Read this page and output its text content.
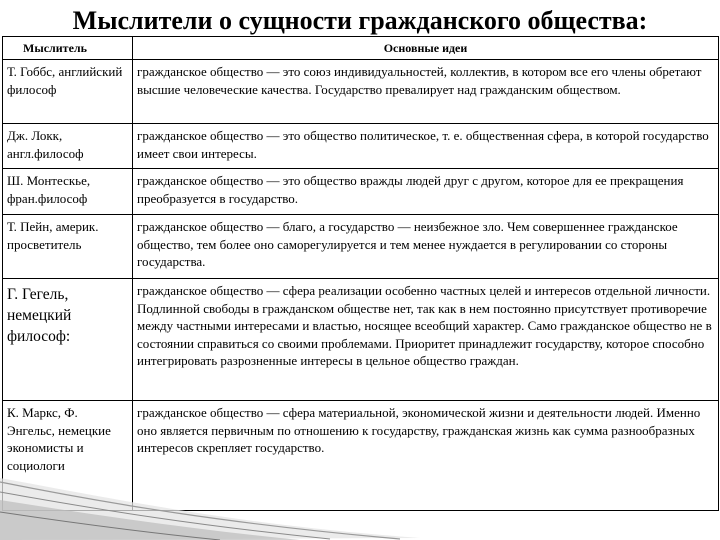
Мыслители о сущности гражданского общества:
Мыслитель	Основные идеи

Т. Гоббс, английский философ	гражданское общество — это союз индивидуальностей, коллектив, в котором все его члены обретают высшие человеческие качества. Государство превалирует над гражданским обществом.

Дж. Локк, англ.философ	гражданское общество — это общество политическое, т. е. общественная сфера, в которой государство имеет свои интересы.

Ш. Монтескье, фран.философ	гражданское общество — это общество вражды людей друг с другом, которое для ее прекращения преобразуется в государство.

Т. Пейн, америк. просветитель	гражданское общество — благо, а государство — неизбежное зло. Чем совершеннее гражданское общество, тем более оно саморегулируется и тем менее нуждается в регулировании со стороны государства.

Г. Гегель, немецкий философ:	гражданское общество — сфера реализации особенно частных целей и интересов отдельной личности. Подлинной свободы в гражданском обществе нет, так как в нем постоянно присутствует противоречие между частными интересами и властью, носящее всеобщий характер. Само гражданское общество не в состоянии справиться со своими проблемами. Приоритет принадлежит государству, которое способно интегрировать разрозненные интересы в цельное общество граждан.

К. Маркс, Ф. Энгельс, немецкие экономисты и социологи	гражданское общество — сфера материальной, экономической жизни и деятельности людей. Именно оно является первичным по отношению к государству, гражданская жизнь как сумма разнообразных интересов скрепляет государство.
